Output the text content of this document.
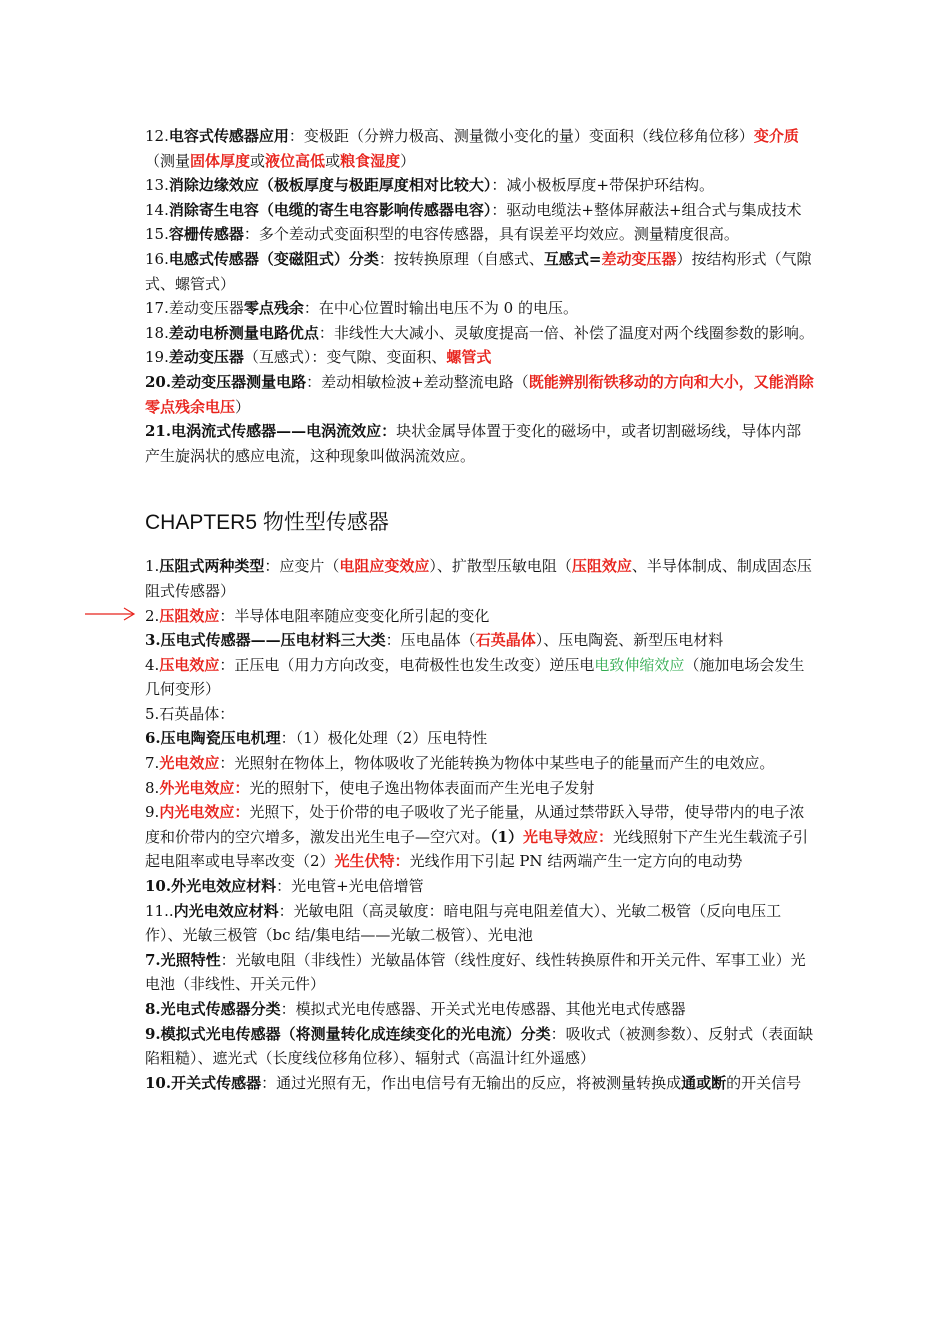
12.电容式传感器应用：变极距（分辨力极高、测量微小变化的量）变面积（线位移角位移）变介质（测量固体厚度或液位高低或粮食湿度）

13.消除边缘效应（极板厚度与极距厚度相对比较大）：减小极板厚度+带保护环结构。

14.消除寄生电容（电缆的寄生电容影响传感器电容）：驱动电缆法+整体屏蔽法+组合式与集成技术

15.容栅传感器：多个差动式变面积型的电容传感器，具有误差平均效应。测量精度很高。

16.电感式传感器（变磁阻式）分类：按转换原理（自感式、互感式=差动变压器）按结构形式（气隙式、螺管式）

17.差动变压器零点残余：在中心位置时输出电压不为 0 的电压。

18.差动电桥测量电路优点：非线性大大减小、灵敏度提高一倍、补偿了温度对两个线圈参数的影响。

19.差动变压器（互感式）：变气隙、变面积、螺管式

20.差动变压器测量电路：差动相敏检波+差动整流电路（既能辨别衔铁移动的方向和大小，又能消除零点残余电压）

21.电涡流式传感器——电涡流效应：块状金属导体置于变化的磁场中，或者切割磁场线，导体内部产生旋涡状的感应电流，这种现象叫做涡流效应。

CHAPTER5 物性型传感器

1.压阻式两种类型：应变片（电阻应变效应）、扩散型压敏电阻（压阻效应、半导体制成、制成固态压阻式传感器）

2.压阻效应：半导体电阻率随应变变化所引起的变化

3.压电式传感器——压电材料三大类：压电晶体（石英晶体）、压电陶瓷、新型压电材料

4.压电效应：正压电（用力方向改变，电荷极性也发生改变）逆压电电致伸缩效应（施加电场会发生几何变形）

5.石英晶体：

6.压电陶瓷压电机理：（1）极化处理（2）压电特性

7.光电效应：光照射在物体上，物体吸收了光能转换为物体中某些电子的能量而产生的电效应。

8.外光电效应：光的照射下，使电子逸出物体表面而产生光电子发射

9.内光电效应：光照下，处于价带的电子吸收了光子能量，从通过禁带跃入导带，使导带内的电子浓度和价带内的空穴增多，激发出光生电子—空穴对。（1）光电导效应：光线照射下产生光生载流子引起电阻率或电导率改变（2）光生伏特：光线作用下引起 PN 结两端产生一定方向的电动势

10.外光电效应材料：光电管+光电倍增管

11..内光电效应材料：光敏电阻（高灵敏度：暗电阻与亮电阻差值大）、光敏二极管（反向电压工作）、光敏三极管（bc 结/集电结——光敏二极管）、光电池

7.光照特性：光敏电阻（非线性）光敏晶体管（线性度好、线性转换原件和开关元件、军事工业）光电池（非线性、开关元件）

8.光电式传感器分类：模拟式光电传感器、开关式光电传感器、其他光电式传感器

9.模拟式光电传感器（将测量转化成连续变化的光电流）分类：吸收式（被测参数）、反射式（表面缺陷粗糙）、遮光式（长度线位移角位移）、辐射式（高温计红外遥感）

10.开关式传感器：通过光照有无，作出电信号有无输出的反应，将被测量转换成通或断的开关信号
